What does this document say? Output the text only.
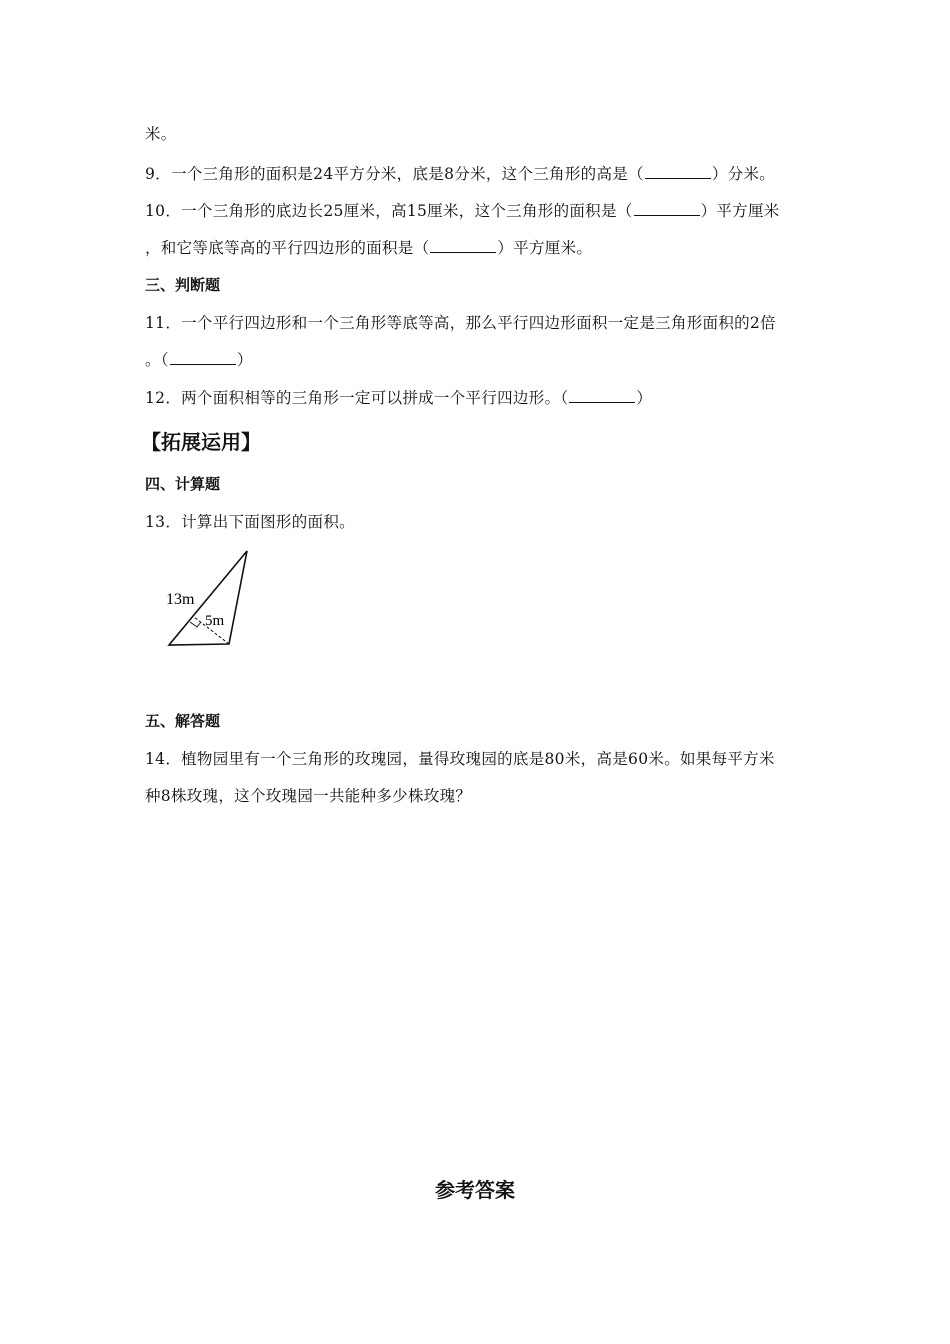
米。
9．一个三角形的面积是24平方分米，底是8分米，这个三角形的高是（	）分米。
10．一个三角形的底边长25厘米，高15厘米，这个三角形的面积是（	）平方厘米
，和它等底等高的平行四边形的面积是（	）平方厘米。
三、判断题
11．一个平行四边形和一个三角形等底等高，那么平行四边形面积一定是三角形面积的2倍
。（	）
12．两个面积相等的三角形一定可以拼成一个平行四边形。（	）
【拓展运用】
四、计算题
13．计算出下面图形的面积。
13m
5m
五、解答题
14．植物园里有一个三角形的玫瑰园，量得玫瑰园的底是80米，高是60米。如果每平方米
种8株玫瑰，这个玫瑰园一共能种多少株玫瑰？
参考答案
